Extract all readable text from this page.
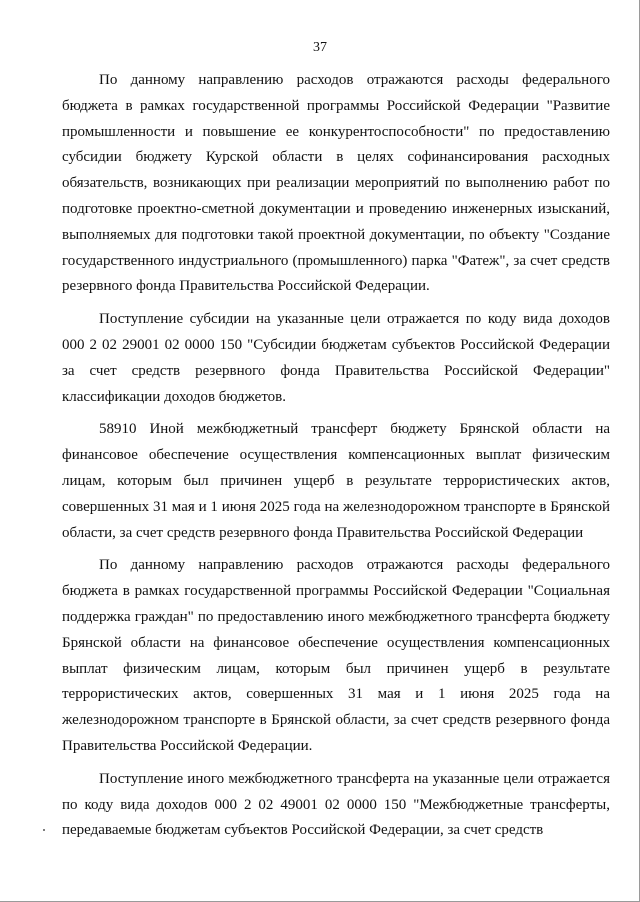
37

По данному направлению расходов отражаются расходы федерального бюджета в рамках государственной программы Российской Федерации "Развитие промышленности и повышение ее конкурентоспособности" по предоставлению субсидии бюджету Курской области в целях софинансирования расходных обязательств, возникающих при реализации мероприятий по выполнению работ по подготовке проектно-сметной документации и проведению инженерных изысканий, выполняемых для подготовки такой проектной документации, по объекту "Создание государственного индустриального (промышленного) парка "Фатеж", за счет средств резервного фонда Правительства Российской Федерации.

Поступление субсидии на указанные цели отражается по коду вида доходов 000 2 02 29001 02 0000 150 "Субсидии бюджетам субъектов Российской Федерации за счет средств резервного фонда Правительства Российской Федерации" классификации доходов бюджетов.

58910 Иной межбюджетный трансферт бюджету Брянской области на финансовое обеспечение осуществления компенсационных выплат физическим лицам, которым был причинен ущерб в результате террористических актов, совершенных 31 мая и 1 июня 2025 года на железнодорожном транспорте в Брянской области, за счет средств резервного фонда Правительства Российской Федерации

По данному направлению расходов отражаются расходы федерального бюджета в рамках государственной программы Российской Федерации "Социальная поддержка граждан" по предоставлению иного межбюджетного трансферта бюджету Брянской области на финансовое обеспечение осуществления компенсационных выплат физическим лицам, которым был причинен ущерб в результате террористических актов, совершенных 31 мая и 1 июня 2025 года на железнодорожном транспорте в Брянской области, за счет средств резервного фонда Правительства Российской Федерации.

Поступление иного межбюджетного трансферта на указанные цели отражается по коду вида доходов 000 2 02 49001 02 0000 150 "Межбюджетные трансферты, передаваемые бюджетам субъектов Российской Федерации, за счет средств
